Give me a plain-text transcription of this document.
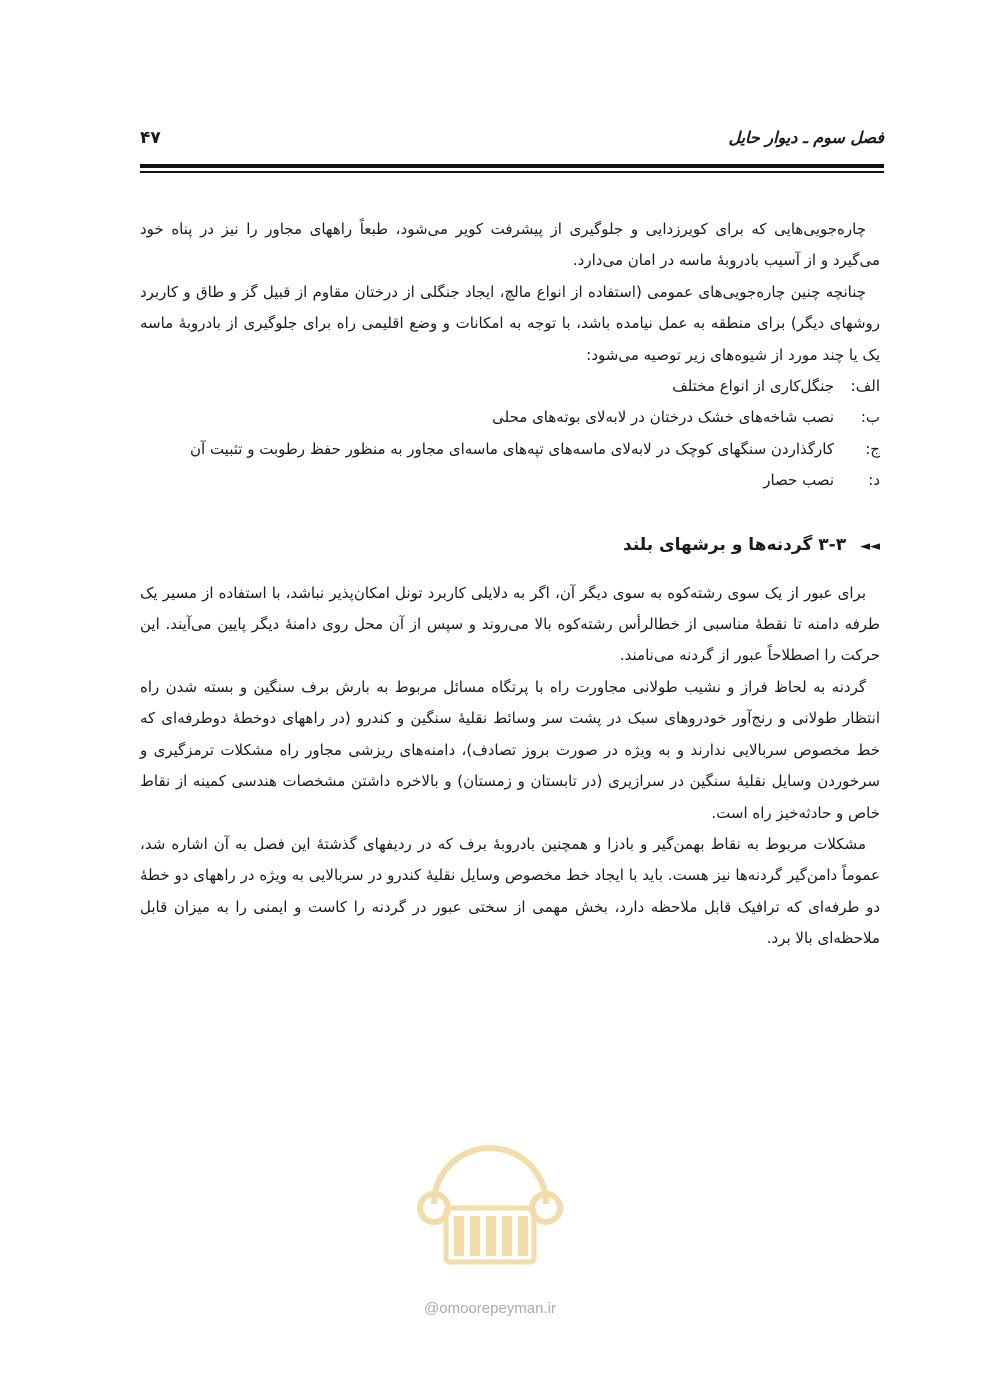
فصل سوم ـ دیوار حایل
۴۷

چاره‌جویی‌هایی که برای کویرزدایی و جلوگیری از پیشرفت کویر می‌شود، طبعاً راههای مجاور را نیز در پناه خود می‌گیرد و از آسیب بادروبهٔ ماسه در امان می‌دارد.

چنانچه چنین چاره‌جویی‌های عمومی (استفاده از انواع مالچ، ایجاد جنگلی از درختان مقاوم از قبیل گز و طاق و کاربرد روشهای دیگر) برای منطقه به عمل نیامده باشد، با توجه به امکانات و وضع اقلیمی راه برای جلوگیری از بادروبهٔ ماسه یک یا چند مورد از شیوه‌های زیر توصیه می‌شود:

الف:
جنگل‌کاری از انواع مختلف
ب:
نصب شاخه‌های خشک درختان در لابه‌لای بوته‌های محلی
ج:
کارگذاردن سنگهای کوچک در لابه‌لای ماسه‌های تپه‌های ماسه‌ای مجاور به منظور حفظ رطوبت و تثبیت آن
د:
نصب حصار
◄◄ ۳-۳ گردنه‌ها و برشهای بلند

برای عبور از یک سوی رشته‌کوه به سوی دیگر آن، اگر به دلایلی کاربرد تونل امکان‌پذیر نباشد، با استفاده از مسیر یک طرفه دامنه تا نقطهٔ مناسبی از خطالرأس رشته‌کوه بالا می‌روند و سپس از آن محل روی دامنهٔ دیگر پایین می‌آیند. این حرکت را اصطلاحاً عبور از گردنه می‌نامند.

گردنه به لحاظ فراز و نشیب طولانی مجاورت راه با پرتگاه مسائل مربوط به بارش برف سنگین و بسته شدن راه انتظار طولانی و رنج‌آور خودروهای سبک در پشت سر وسائط نقلیهٔ سنگین و کندرو (در راههای دوخطهٔ دوطرفه‌ای که خط مخصوص سربالایی ندارند و به ویژه در صورت بروز تصادف)، دامنه‌های ریزشی مجاور راه مشکلات ترمزگیری و سرخوردن وسایل نقلیهٔ سنگین در سرازیری (در تابستان و زمستان) و بالاخره داشتن مشخصات هندسی کمینه از نقاط خاص و حادثه‌خیز راه است.

مشکلات مربوط به نقاط بهمن‌گیر و بادزا و همچنین بادروبهٔ برف که در ردیفهای گذشتهٔ این فصل به آن اشاره شد، عموماً دامن‌گیر گردنه‌ها نیز هست. باید با ایجاد خط مخصوص وسایل نقلیهٔ کندرو در سربالایی به ویژه در راههای دو خطهٔ دو طرفه‌ای که ترافیک قابل ملاحظه دارد، بخش مهمی از سختی عبور در گردنه را کاست و ایمنی را به میزان قابل ملاحظه‌ای بالا برد.

@omoorepeyman.ir
